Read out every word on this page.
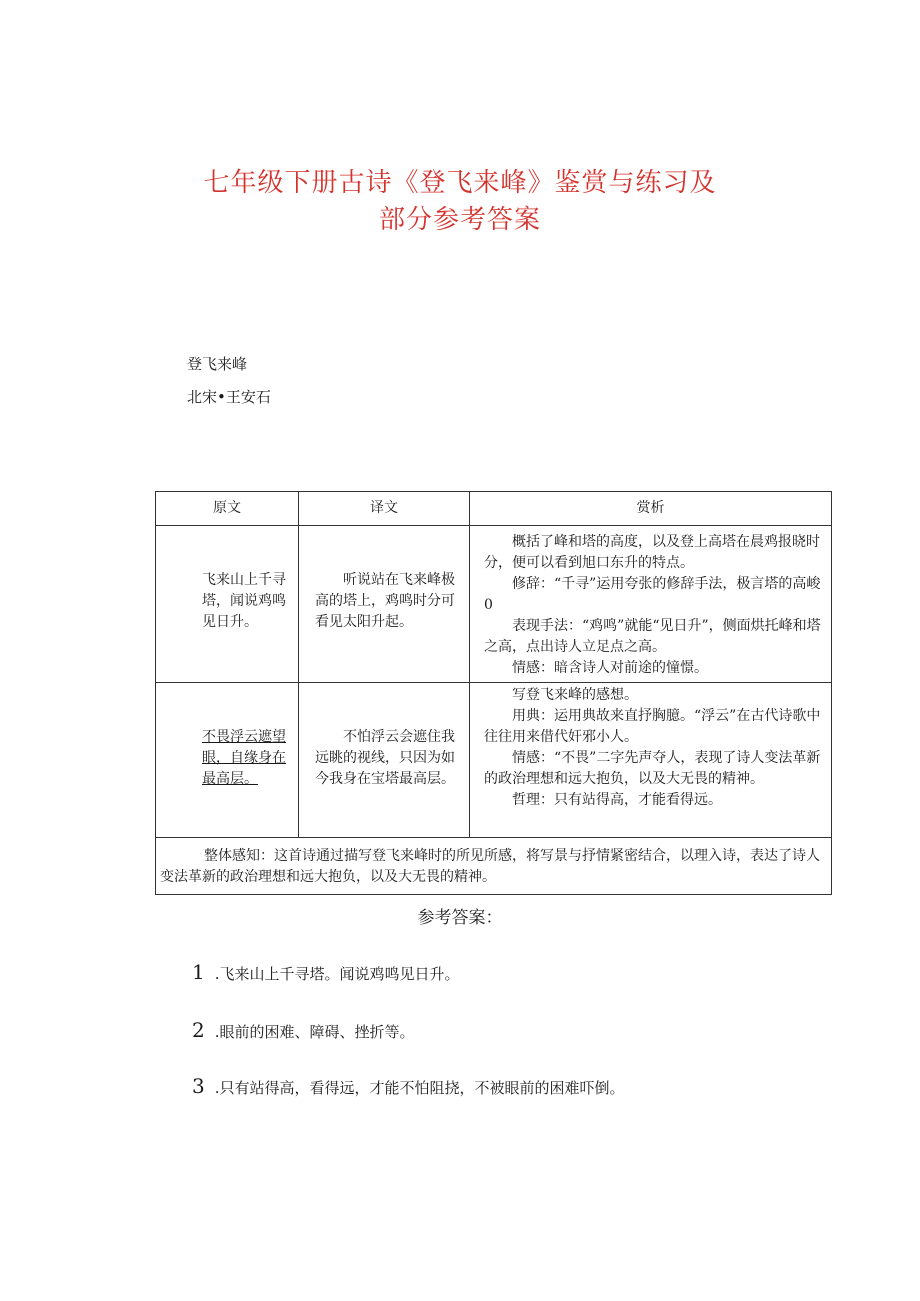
七年级下册古诗《登飞来峰》鉴赏与练习及
部分参考答案
登飞来峰
北宋•王安石
原文	译文	赏析

飞来山上千寻塔，闻说鸡鸣见日升。	听说站在飞来峰极高的塔上，鸡鸣时分可看见太阳升起。	概括了峰和塔的高度，以及登上高塔在晨鸡报晓时分，便可以看到旭口东升的特点。
修辞：“千寻”运用夸张的修辞手法，极言塔的高峻0
表现手法：“鸡鸣”就能“见日升”，侧面烘托峰和塔之高，点出诗人立足点之高。
情感：暗含诗人对前途的憧憬。

不畏浮云遮望眼，自缘身在最高层。	不怕浮云会遮住我远眺的视线，只因为如今我身在宝塔最高层。	写登飞来峰的感想。
用典：运用典故来直抒胸臆。“浮云”在古代诗歌中往往用来借代奸邪小人。
情感：“不畏”二字先声夺人，表现了诗人变法革新的政治理想和远大抱负，以及大无畏的精神。
哲理：只有站得高，才能看得远。

整体感知：这首诗通过描写登飞来峰时的所见所感，将写景与抒情紧密结合，以理入诗，表达了诗人变法革新的政治理想和远大抱负，以及大无畏的精神。		
参考答案：
1 .飞来山上千寻塔。闻说鸡鸣见日升。
2 .眼前的困难、障碍、挫折等。
3 .只有站得高，看得远，才能不怕阻挠，不被眼前的困难吓倒。
